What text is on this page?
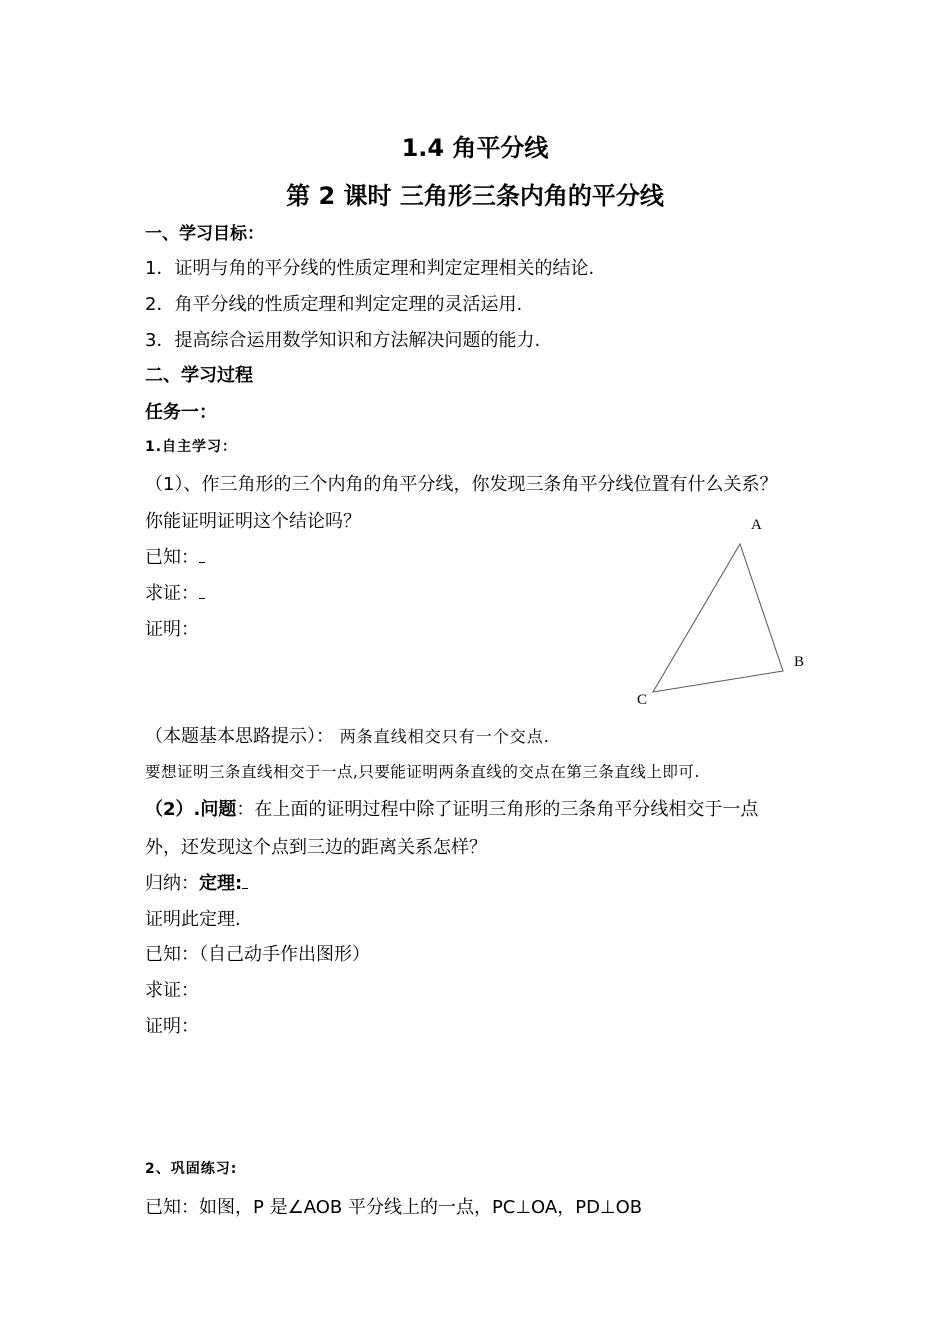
1.4 角平分线
第 2 课时 三角形三条内角的平分线
一、学习目标：
1．证明与角的平分线的性质定理和判定定理相关的结论.
2．角平分线的性质定理和判定定理的灵活运用.
3．提高综合运用数学知识和方法解决问题的能力.
二、学习过程
任务一：
1.自主学习：
（1）、作三角形的三个内角的角平分线，你发现三条角平分线位置有什么关系？
你能证明证明这个结论吗？
已知：
求证：
证明：
A
B
C
（本题基本思路提示）： 两条直线相交只有一个交点.
要想证明三条直线相交于一点,只要能证明两条直线的交点在第三条直线上即可.
（2）.问题：在上面的证明过程中除了证明三角形的三条角平分线相交于一点
外，还发现这个点到三边的距离关系怎样？
归纳：定理:
证明此定理.
已知：（自己动手作出图形）
求证：
证明：
2、巩固练习:
已知：如图，P 是∠AOB 平分线上的一点，PC⊥OA，PD⊥OB
